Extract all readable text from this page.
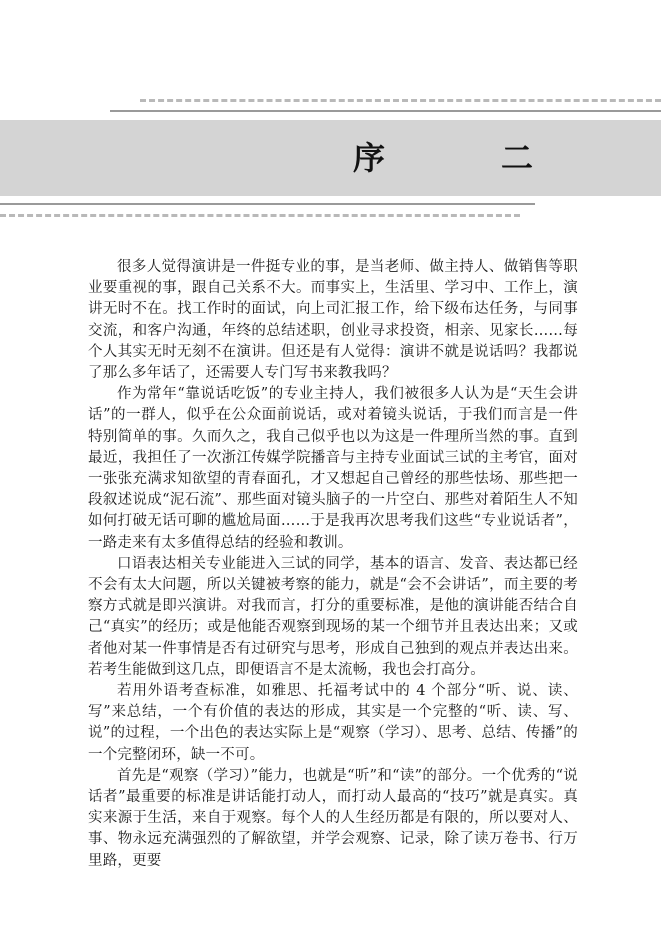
序　二

很多人觉得演讲是一件挺专业的事，是当老师、做主持人、做销售等职业要重视的事，跟自己关系不大。而事实上，生活里、学习中、工作上，演讲无时不在。找工作时的面试，向上司汇报工作，给下级布达任务，与同事交流，和客户沟通，年终的总结述职，创业寻求投资，相亲、见家长……每个人其实无时无刻不在演讲。但还是有人觉得：演讲不就是说话吗？我都说了那么多年话了，还需要人专门写书来教我吗？

作为常年“靠说话吃饭”的专业主持人，我们被很多人认为是“天生会讲话”的一群人，似乎在公众面前说话，或对着镜头说话，于我们而言是一件特别简单的事。久而久之，我自己似乎也以为这是一件理所当然的事。直到最近，我担任了一次浙江传媒学院播音与主持专业面试三试的主考官，面对一张张充满求知欲望的青春面孔，才又想起自己曾经的那些怯场、那些把一段叙述说成“泥石流”、那些面对镜头脑子的一片空白、那些对着陌生人不知如何打破无话可聊的尴尬局面……于是我再次思考我们这些“专业说话者”，一路走来有太多值得总结的经验和教训。

口语表达相关专业能进入三试的同学，基本的语言、发音、表达都已经不会有太大问题，所以关键被考察的能力，就是“会不会讲话”，而主要的考察方式就是即兴演讲。对我而言，打分的重要标准，是他的演讲能否结合自己“真实”的经历；或是他能否观察到现场的某一个细节并且表达出来；又或者他对某一件事情是否有过研究与思考，形成自己独到的观点并表达出来。若考生能做到这几点，即便语言不是太流畅，我也会打高分。

若用外语考查标准，如雅思、托福考试中的 4 个部分“听、说、读、写”来总结，一个有价值的表达的形成，其实是一个完整的“听、读、写、说”的过程，一个出色的表达实际上是“观察（学习）、思考、总结、传播”的一个完整闭环，缺一不可。

首先是“观察（学习）”能力，也就是“听”和“读”的部分。一个优秀的“说话者”最重要的标准是讲话能打动人，而打动人最高的“技巧”就是真实。真实来源于生活，来自于观察。每个人的人生经历都是有限的，所以要对人、事、物永远充满强烈的了解欲望，并学会观察、记录，除了读万卷书、行万里路，更要
